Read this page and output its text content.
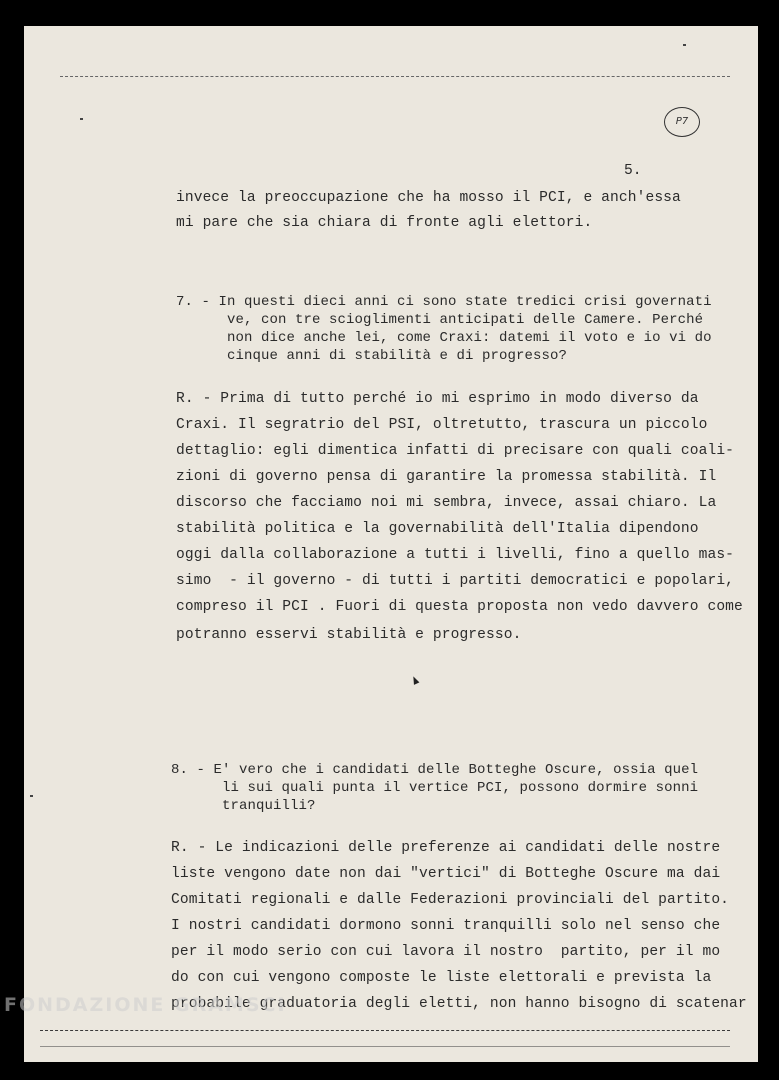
P7
5.
invece la preoccupazione che ha mosso il PCI, e anch'essa
mi pare che sia chiara di fronte agli elettori.
7. - In questi dieci anni ci sono state tredici crisi governati
ve, con tre scioglimenti anticipati delle Camere. Perché
non dice anche lei, come Craxi: datemi il voto e io vi do
cinque anni di stabilità e di progresso?
R. - Prima di tutto perché io mi esprimo in modo diverso da
Craxi. Il segratrio del PSI, oltretutto, trascura un piccolo
dettaglio: egli dimentica infatti di precisare con quali coali-
zioni di governo pensa di garantire la promessa stabilità. Il
discorso che facciamo noi mi sembra, invece, assai chiaro. La
stabilità politica e la governabilità dell'Italia dipendono
oggi dalla collaborazione a tutti i livelli, fino a quello mas-
simo  - il governo - di tutti i partiti democratici e popolari,
compreso il PCI . Fuori di questa proposta non vedo davvero come
potranno esservi stabilità e progresso.
8. - E' vero che i candidati delle Botteghe Oscure, ossia quel
li sui quali punta il vertice PCI, possono dormire sonni
tranquilli?
R. - Le indicazioni delle preferenze ai candidati delle nostre
liste vengono date non dai "vertici" di Botteghe Oscure ma dai
Comitati regionali e dalle Federazioni provinciali del partito.
I nostri candidati dormono sonni tranquilli solo nel senso che
per il modo serio con cui lavora il nostro  partito, per il mo
do con cui vengono composte le liste elettorali e prevista la
probabile graduatoria degli eletti, non hanno bisogno di scatenar
FONDAZIONE GRAMSCI
